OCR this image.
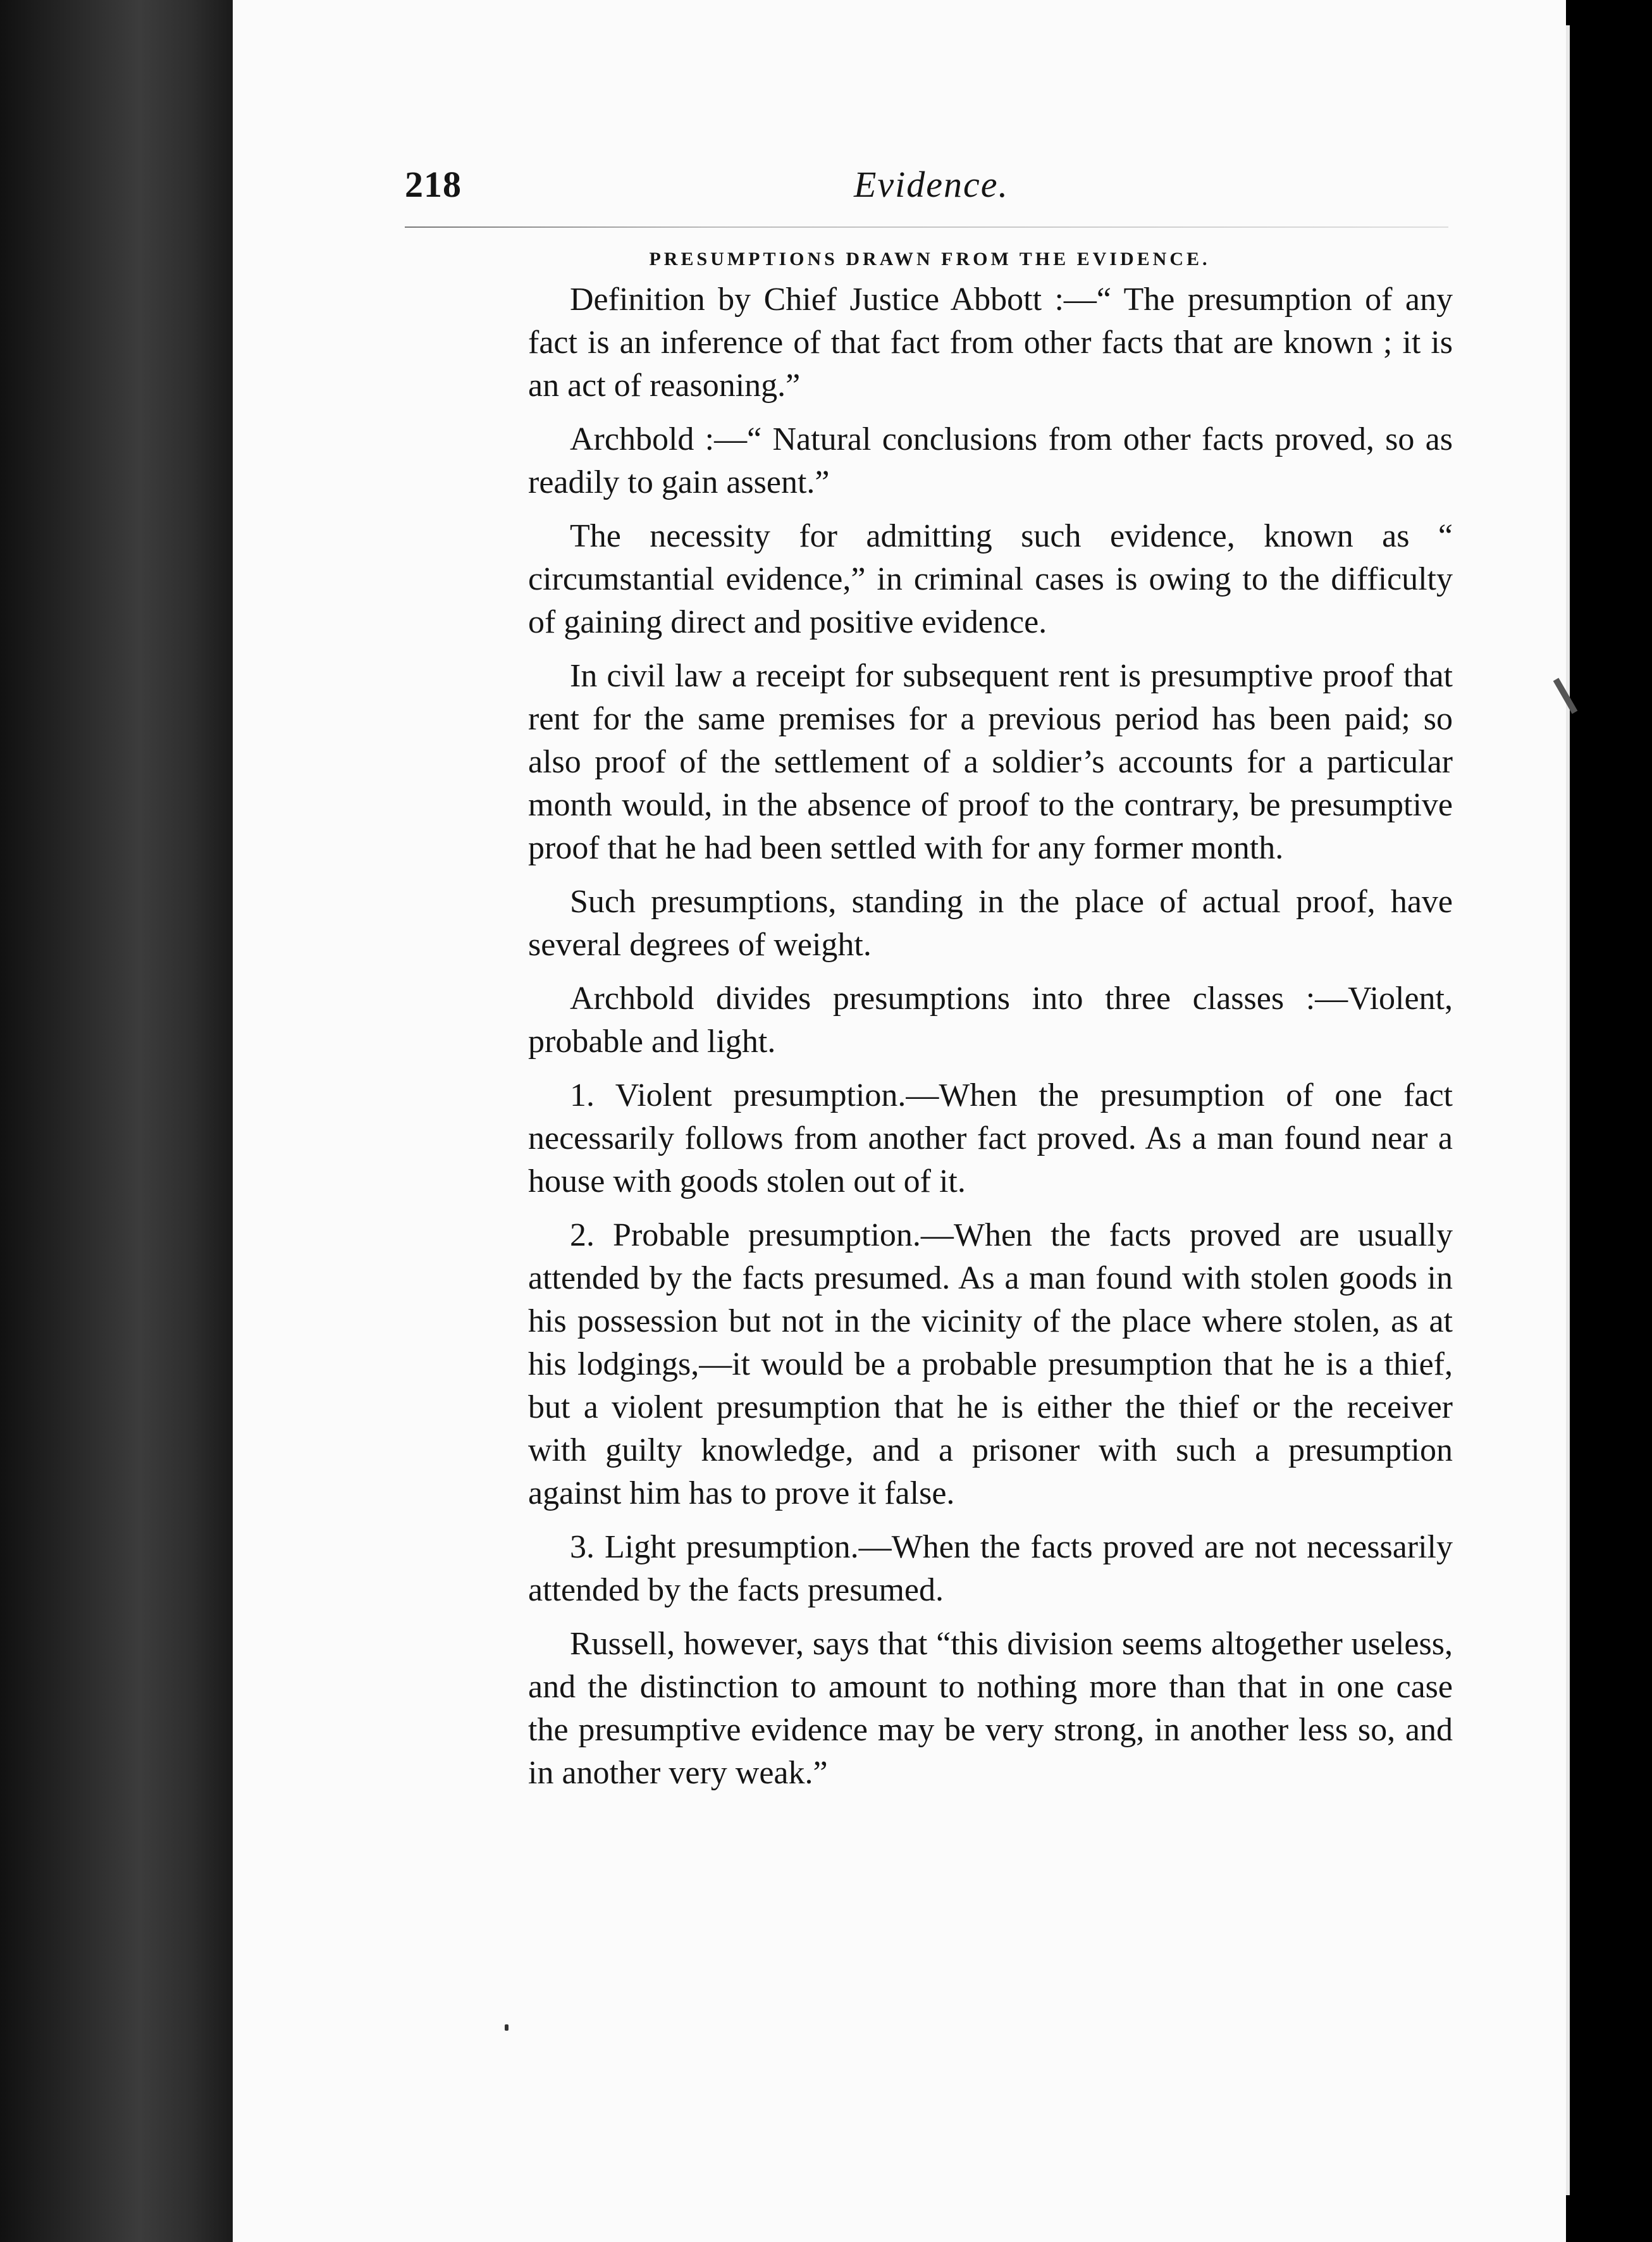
218	Evidence.
PRESUMPTIONS DRAWN FROM THE EVIDENCE.

Definition by Chief Justice Abbott :—“ The presumption of any fact is an inference of that fact from other facts that are known ; it is an act of reasoning.”

Archbold :—“ Natural conclusions from other facts proved, so as readily to gain assent.”

The necessity for admitting such evidence, known as “ circumstantial evidence,” in criminal cases is owing to the difficulty of gaining direct and positive evidence.

In civil law a receipt for subsequent rent is presumptive proof that rent for the same premises for a previous period has been paid; so also proof of the settlement of a soldier’s accounts for a particular month would, in the absence of proof to the contrary, be presumptive proof that he had been settled with for any former month.

Such presumptions, standing in the place of actual proof, have several degrees of weight.

Archbold divides presumptions into three classes :—Violent, probable and light.

1. Violent presumption.—When the presumption of one fact necessarily follows from another fact proved. As a man found near a house with goods stolen out of it.

2. Probable presumption.—When the facts proved are usually attended by the facts presumed. As a man found with stolen goods in his possession but not in the vicinity of the place where stolen, as at his lodgings,—it would be a probable presumption that he is a thief, but a violent presumption that he is either the thief or the receiver with guilty knowledge, and a prisoner with such a presumption against him has to prove it false.

3. Light presumption.—When the facts proved are not necessarily attended by the facts presumed.

Russell, however, says that “this division seems altogether useless, and the distinction to amount to nothing more than that in one case the presumptive evidence may be very strong, in another less so, and in another very weak.”
